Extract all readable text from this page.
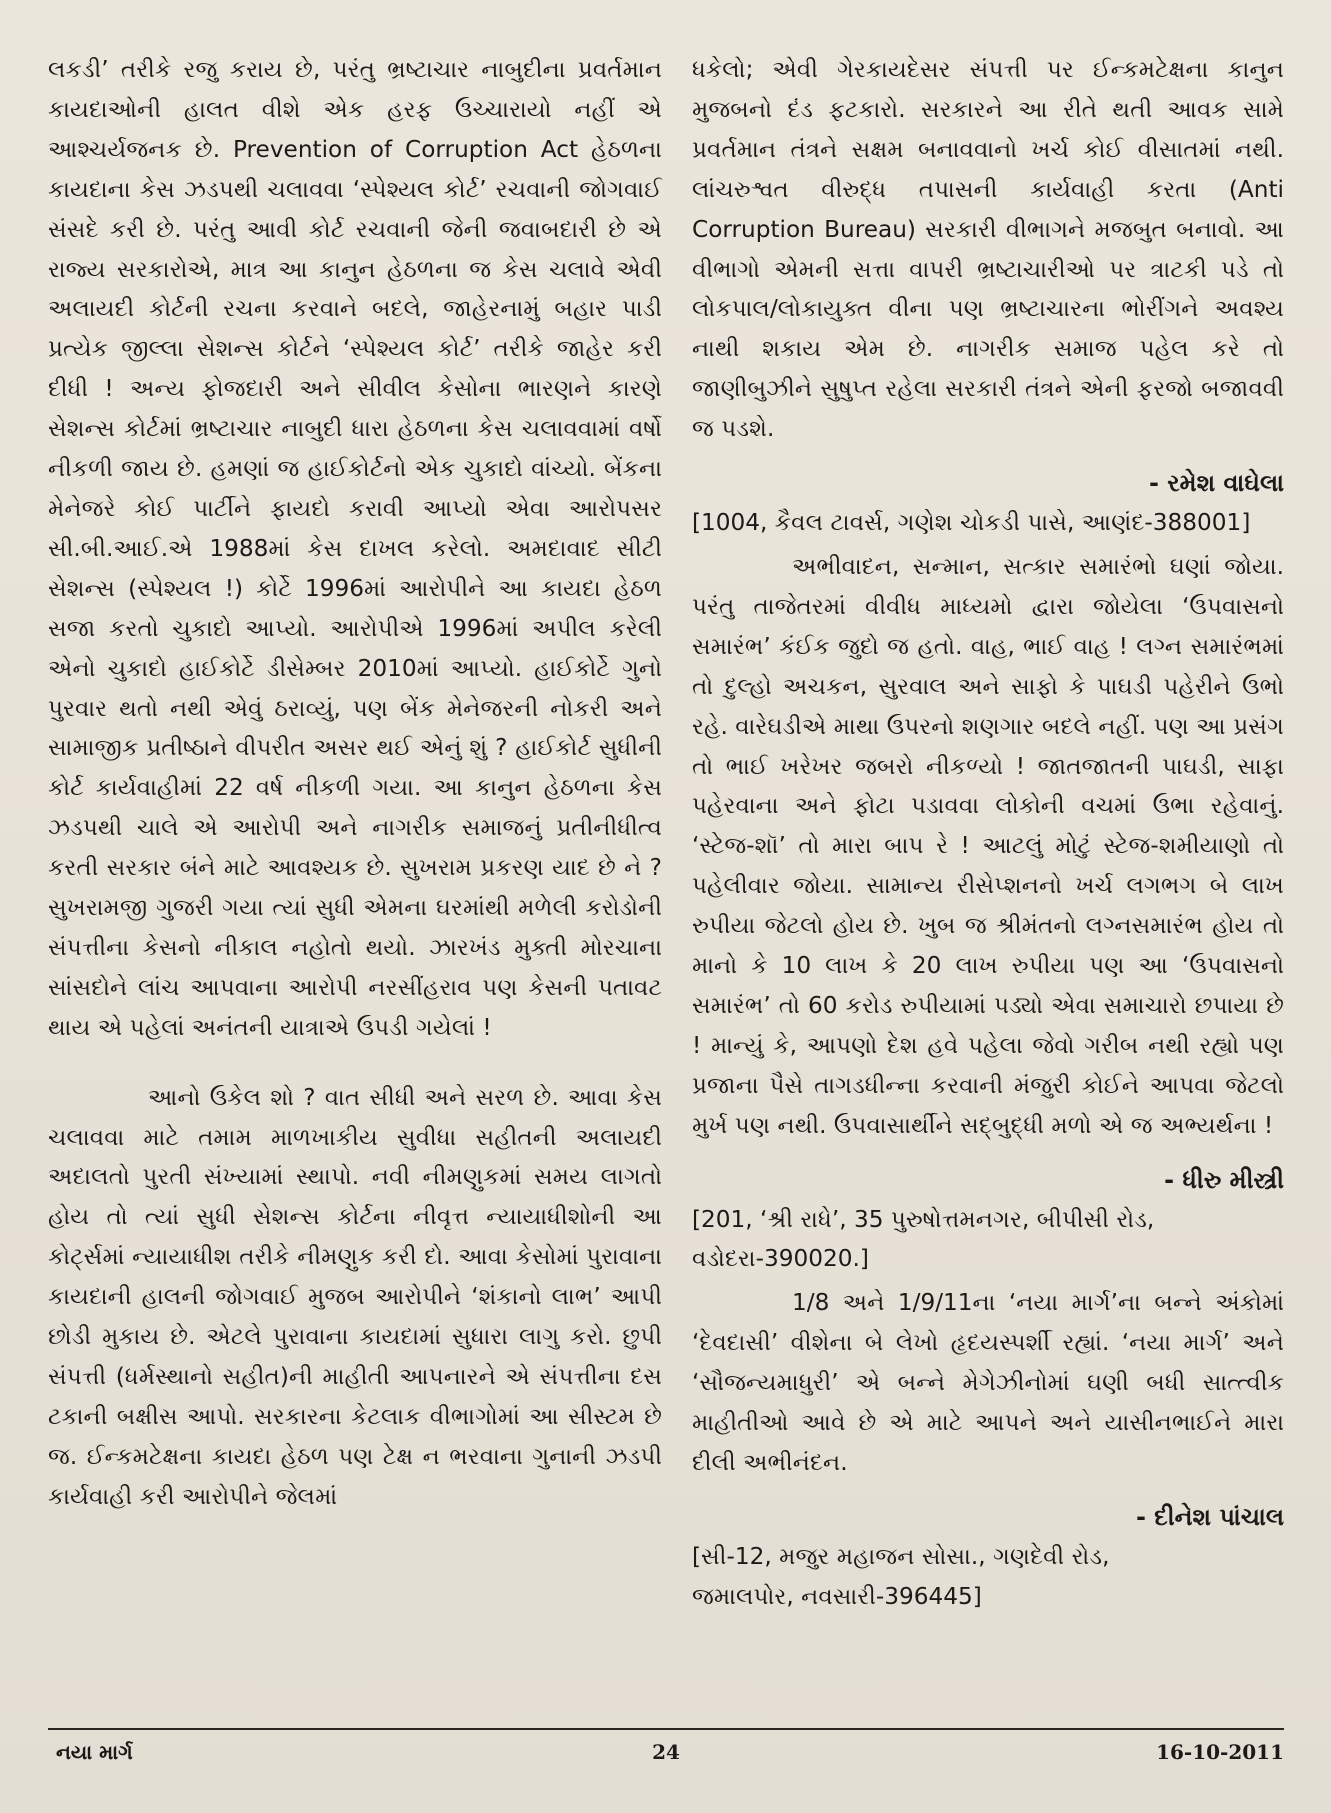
લકડી’ તરીકે રજુ કરાય છે, પરંતુ ભ્રષ્ટાચાર નાબુદીના પ્રવર્તમાન કાયદાઓની હાલત વીશે એક હરફ ઉચ્ચારાયો નહીં એ આશ્ચર્યજનક છે. Prevention of Corruption Act હેઠળના કાયદાના કેસ ઝડપથી ચલાવવા ‘સ્પેશ્યલ કોર્ટ’ રચવાની જોગવાઈ સંસદે કરી છે. પરંતુ આવી કોર્ટ રચવાની જેની જવાબદારી છે એ રાજ્ય સરકારોએ, માત્ર આ કાનુન હેઠળના જ કેસ ચલાવે એવી અલાયદી કોર્ટની રચના કરવાને બદલે, જાહેરનામું બહાર પાડી પ્રત્યેક જીલ્લા સેશન્સ કોર્ટને ‘સ્પેશ્યલ કોર્ટ’ તરીકે જાહેર કરી દીધી ! અન્ય ફોજદારી અને સીવીલ કેસોના ભારણને કારણે સેશન્સ કોર્ટમાં ભ્રષ્ટાચાર નાબુદી ધારા હેઠળના કેસ ચલાવવામાં વર્ષો નીકળી જાય છે. હમણાં જ હાઈકોર્ટનો એક ચુકાદો વાંચ્યો. બેંકના મેનેજરે કોઈ પાર્ટીને ફાયદો કરાવી આપ્યો એવા આરોપસર સી.બી.આઈ.એ 1988માં કેસ દાખલ કરેલો. અમદાવાદ સીટી સેશન્સ (સ્પેશ્યલ !) કોર્ટે 1996માં આરોપીને આ કાયદા હેઠળ સજા કરતો ચુકાદો આપ્યો. આરોપીએ 1996માં અપીલ કરેલી એનો ચુકાદો હાઈકોર્ટે ડીસેમ્બર 2010માં આપ્યો. હાઈકોર્ટે ગુનો પુરવાર થતો નથી એવું ઠરાવ્યું, પણ બેંક મેનેજરની નોકરી અને સામાજીક પ્રતીષ્ઠાને વીપરીત અસર થઈ એનું શું ? હાઈકોર્ટ સુધીની કોર્ટ કાર્યવાહીમાં 22 વર્ષ નીકળી ગયા. આ કાનુન હેઠળના કેસ ઝડપથી ચાલે એ આરોપી અને નાગરીક સમાજનું પ્રતીનીધીત્વ કરતી સરકાર બંને માટે આવશ્યક છે. સુખરામ પ્રકરણ યાદ છે ને ? સુખરામજી ગુજરી ગયા ત્યાં સુધી એમના ઘરમાંથી મળેલી કરોડોની સંપત્તીના કેસનો નીકાલ નહોતો થયો. ઝારખંડ મુક્તી મોરચાના સાંસદોને લાંચ આપવાના આરોપી નરસીંહરાવ પણ કેસની પતાવટ થાય એ પહેલાં અનંતની યાત્રાએ ઉપડી ગયેલાં !

આનો ઉકેલ શો ? વાત સીધી અને સરળ છે. આવા કેસ ચલાવવા માટે તમામ માળખાકીય સુવીધા સહીતની અલાયદી અદાલતો પુરતી સંખ્યામાં સ્થાપો. નવી નીમણુકમાં સમય લાગતો હોય તો ત્યાં સુધી સેશન્સ કોર્ટના નીવૃત્ત ન્યાયાધીશોની આ કોર્ટ્સમાં ન્યાયાધીશ તરીકે નીમણુક કરી દો. આવા કેસોમાં પુરાવાના કાયદાની હાલની જોગવાઈ મુજબ આરોપીને ‘શંકાનો લાભ’ આપી છોડી મુકાય છે. એટલે પુરાવાના કાયદામાં સુધારા લાગુ કરો. છુપી સંપત્તી (ધર્મસ્થાનો સહીત)ની માહીતી આપનારને એ સંપત્તીના દસ ટકાની બક્ષીસ આપો. સરકારના કેટલાક વીભાગોમાં આ સીસ્ટમ છે જ. ઈન્કમટેક્ષના કાયદા હેઠળ પણ ટેક્ષ ન ભરવાના ગુનાની ઝડપી કાર્યવાહી કરી આરોપીને જેલમાં

ધકેલો; એવી ગેરકાયદેસર સંપત્તી પર ઈન્કમટેક્ષના કાનુન મુજબનો દંડ ફટકારો. સરકારને આ રીતે થતી આવક સામે પ્રવર્તમાન તંત્રને સક્ષમ બનાવવાનો ખર્ચ કોઈ વીસાતમાં નથી. લાંચરુશ્વત વીરુદ્ધ તપાસની કાર્યવાહી કરતા (Anti Corruption Bureau) સરકારી વીભાગને મજબુત બનાવો. આ વીભાગો એમની સત્તા વાપરી ભ્રષ્ટાચારીઓ પર ત્રાટકી પડે તો લોકપાલ/લોકાયુક્ત વીના પણ ભ્રષ્ટાચારના ભોરીંગને અવશ્ય નાથી શકાય એમ છે. નાગરીક સમાજ પહેલ કરે તો જાણીબુઝીને સુષુપ્ત રહેલા સરકારી તંત્રને એની ફરજો બજાવવી જ પડશે.

- રમેશ વાઘેલા

[1004, કૈવલ ટાવર્સ, ગણેશ ચોકડી પાસે, આણંદ-388001]

અભીવાદન, સન્માન, સત્કાર સમારંભો ઘણાં જોયા. પરંતુ તાજેતરમાં વીવીધ માધ્યમો દ્વારા જોયેલા ‘ઉપવાસનો સમારંભ’ કંઈક જુદો જ હતો. વાહ, ભાઈ વાહ ! લગ્ન સમારંભમાં તો દુલ્હો અચકન, સુરવાલ અને સાફો કે પાઘડી પહેરીને ઉભો રહે. વારેઘડીએ માથા ઉપરનો શણગાર બદલે નહીં. પણ આ પ્રસંગ તો ભાઈ ખરેખર જબરો નીકળ્યો ! જાતજાતની પાઘડી, સાફા પહેરવાના અને ફોટા પડાવવા લોકોની વચમાં ઉભા રહેવાનું. ‘સ્ટેજ-શૉ’ તો મારા બાપ રે ! આટલું મોટું સ્ટેજ-શમીયાણો તો પહેલીવાર જોયા. સામાન્ય રીસેપ્શનનો ખર્ચ લગભગ બે લાખ રુપીયા જેટલો હોય છે. ખુબ જ શ્રીમંતનો લગ્નસમારંભ હોય તો માનો કે 10 લાખ કે 20 લાખ રુપીયા પણ આ ‘ઉપવાસનો સમારંભ’ તો 60 કરોડ રુપીયામાં પડ્યો એવા સમાચારો છપાયા છે ! માન્યું કે, આપણો દેશ હવે પહેલા જેવો ગરીબ નથી રહ્યો પણ પ્રજાના પૈસે તાગડધીન્ના કરવાની મંજુરી કોઈને આપવા જેટલો મુર્ખ પણ નથી. ઉપવાસાર્થીને સદ્‌બુદ્ધી મળો એ જ અભ્યર્થના !

- ધીરુ મીસ્ત્રી

[201, ‘શ્રી રાધે’, 35 પુરુષોત્તમનગર, બીપીસી રોડ,

વડોદરા-390020.]

1/8 અને 1/9/11ના ‘નયા માર્ગ’ના બન્ને અંકોમાં ‘દેવદાસી’ વીશેના બે લેખો હૃદયસ્પર્શી રહ્યાં. ‘નયા માર્ગ’ અને ‘સૌજન્યમાધુરી’ એ બન્ને મેગેઝીનોમાં ઘણી બધી સાત્ત્વીક માહીતીઓ આવે છે એ માટે આપને અને યાસીનભાઈને મારા દીલી અભીનંદન.

- દીનેશ પાંચાલ

[સી-12, મજુર મહાજન સોસા., ગણદેવી રોડ,

જમાલપોર, નવસારી-396445]

નયા માર્ગ	24	16-10-2011
